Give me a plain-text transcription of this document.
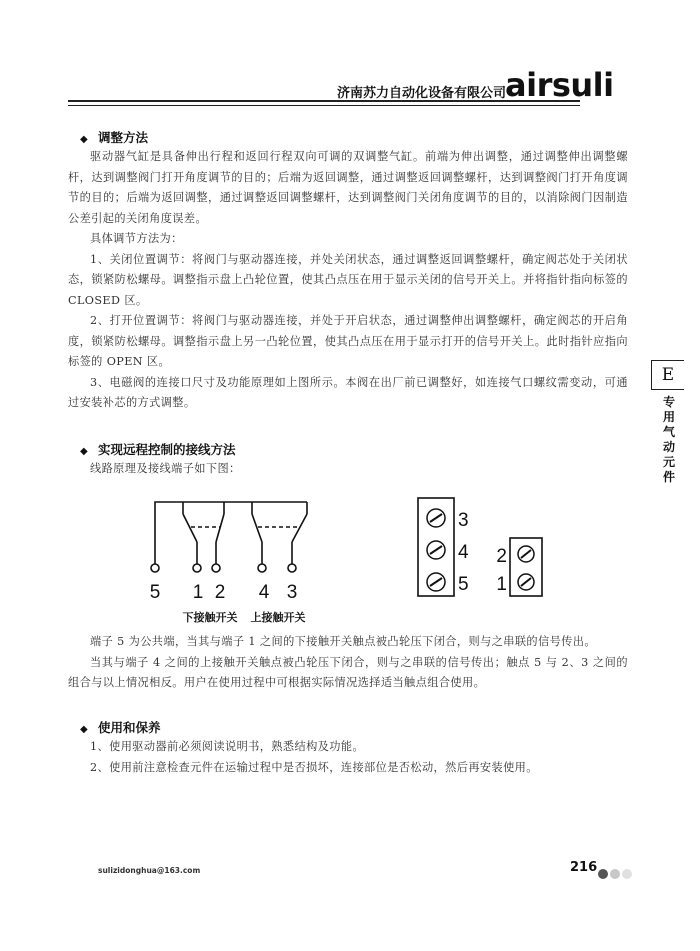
济南苏力自动化设备有限公司 airsuli
◆ 调整方法

驱动器气缸是具备伸出行程和返回行程双向可调的双调整气缸。前端为伸出调整，通过调整伸出调整螺杆，达到调整阀门打开角度调节的目的；后端为返回调整，通过调整返回调整螺杆，达到调整阀门打开角度调节的目的；后端为返回调整，通过调整返回调整螺杆，达到调整阀门关闭角度调节的目的，以消除阀门因制造公差引起的关闭角度误差。

具体调节方法为：

1、关闭位置调节：将阀门与驱动器连接，并处关闭状态，通过调整返回调整螺杆，确定阀芯处于关闭状态，锁紧防松螺母。调整指示盘上凸轮位置，使其凸点压在用于显示关闭的信号开关上。并将指针指向标签的 CLOSED 区。

2、打开位置调节：将阀门与驱动器连接，并处于开启状态，通过调整伸出调整螺杆，确定阀芯的开启角度，锁紧防松螺母。调整指示盘上另一凸轮位置，使其凸点压在用于显示打开的信号开关上。此时指针应指向标签的 OPEN 区。

3、电磁阀的连接口尺寸及功能原理如上图所示。本阀在出厂前已调整好，如连接气口螺纹需变动，可通过安装补芯的方式调整。

◆ 实现远程控制的接线方法

线路原理及接线端子如下图：

5 1 2 4 3
下接触开关 上接触开关
3
4
5
2
1

端子 5 为公共端，当其与端子 1 之间的下接触开关触点被凸轮压下闭合，则与之串联的信号传出。

当其与端子 4 之间的上接触开关触点被凸轮压下闭合，则与之串联的信号传出；触点 5 与 2、3 之间的组合与以上情况相反。用户在使用过程中可根据实际情况选择适当触点组合使用。

◆ 使用和保养

1、使用驱动器前必须阅读说明书，熟悉结构及功能。

2、使用前注意检查元件在运输过程中是否损坏，连接部位是否松动，然后再安装使用。

E
专用气动元件
sulizidonghua@163.com	216
